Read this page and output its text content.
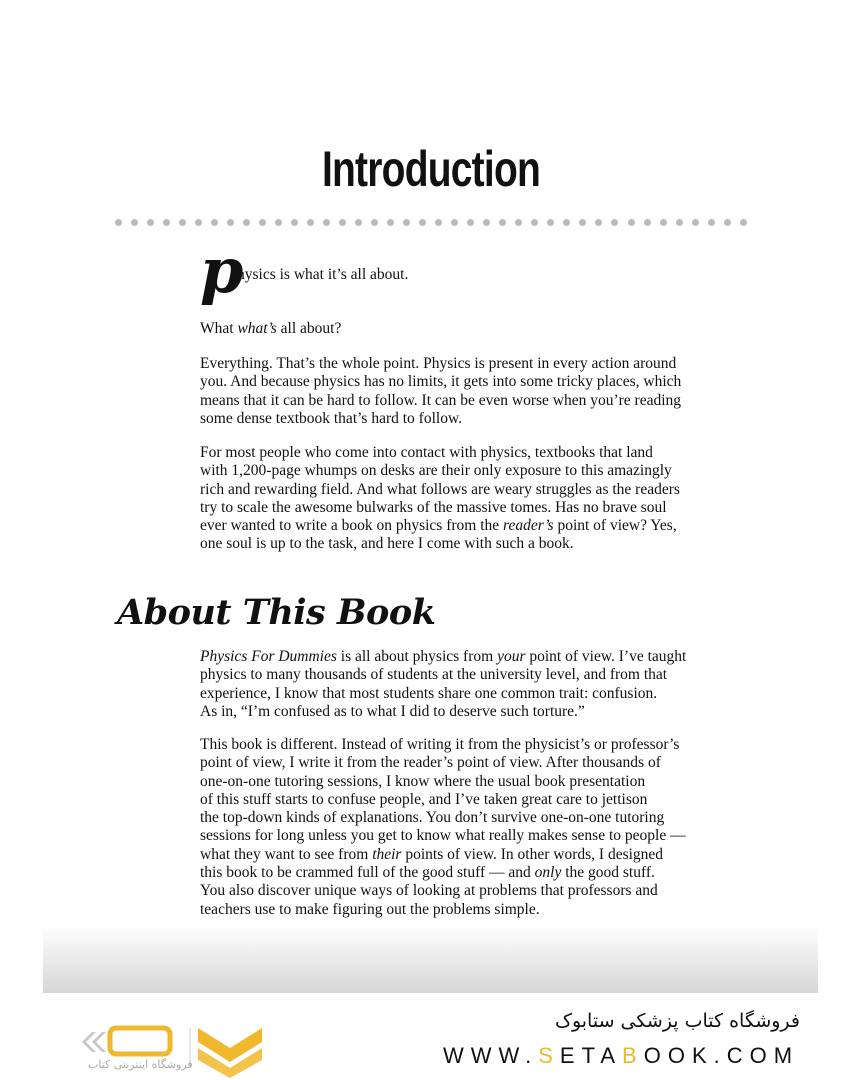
Introduction
p
hysics is what it’s all about.
What what’s all about?
Everything. That’s the whole point. Physics is present in every action around
you. And because physics has no limits, it gets into some tricky places, which
means that it can be hard to follow. It can be even worse when you’re reading
some dense textbook that’s hard to follow.
For most people who come into contact with physics, textbooks that land
with 1,200-page whumps on desks are their only exposure to this amazingly
rich and rewarding field. And what follows are weary struggles as the readers
try to scale the awesome bulwarks of the massive tomes. Has no brave soul
ever wanted to write a book on physics from the reader’s point of view? Yes,
one soul is up to the task, and here I come with such a book.
About This Book
Physics For Dummies is all about physics from your point of view. I’ve taught
physics to many thousands of students at the university level, and from that
experience, I know that most students share one common trait: confusion.
As in, “I’m confused as to what I did to deserve such torture.”
This book is different. Instead of writing it from the physicist’s or professor’s
point of view, I write it from the reader’s point of view. After thousands of
one-on-one tutoring sessions, I know where the usual book presentation
of this stuff starts to confuse people, and I’ve taken great care to jettison
the top-down kinds of explanations. You don’t survive one-on-one tutoring
sessions for long unless you get to know what really makes sense to people —
what they want to see from their points of view. In other words, I designed
this book to be crammed full of the good stuff — and only the good stuff.
You also discover unique ways of looking at problems that professors and
teachers use to make figuring out the problems simple.
فروشگاه اینترنتی کتاب
فروشگاه کتاب پزشکی ستابوک
WWW.SETABOOK.COM
